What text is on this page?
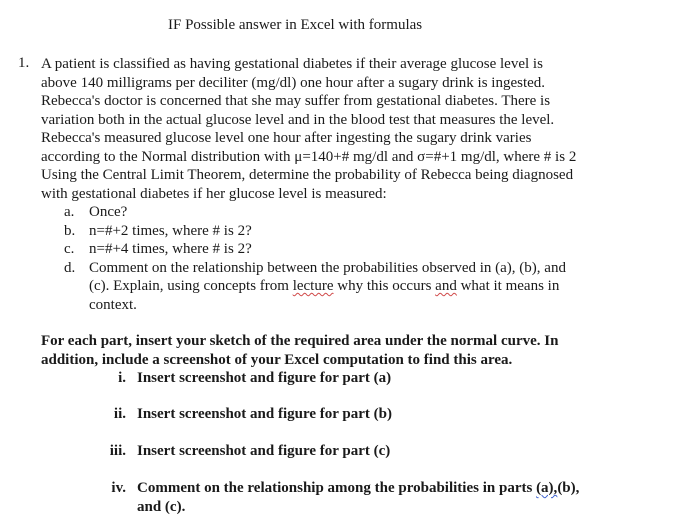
IF Possible answer in Excel with formulas
1. A patient is classified as having gestational diabetes if their average glucose level is
above 140 milligrams per deciliter (mg/dl) one hour after a sugary drink is ingested.
Rebecca's doctor is concerned that she may suffer from gestational diabetes. There is
variation both in the actual glucose level and in the blood test that measures the level.
Rebecca's measured glucose level one hour after ingesting the sugary drink varies
according to the Normal distribution with μ=140+# mg/dl and σ=#+1 mg/dl, where # is 2
Using the Central Limit Theorem, determine the probability of Rebecca being diagnosed
with gestational diabetes if her glucose level is measured:
a. Once?
b. n=#+2 times, where # is 2?
c. n=#+4 times, where # is 2?
d. Comment on the relationship between the probabilities observed in (a), (b), and
(c). Explain, using concepts from lecture why this occurs and what it means in
context.
For each part, insert your sketch of the required area under the normal curve. In
addition, include a screenshot of your Excel computation to find this area.
i. Insert screenshot and figure for part (a)
ii. Insert screenshot and figure for part (b)
iii. Insert screenshot and figure for part (c)
iv. Comment on the relationship among the probabilities in parts (a),(b),
and (c).
